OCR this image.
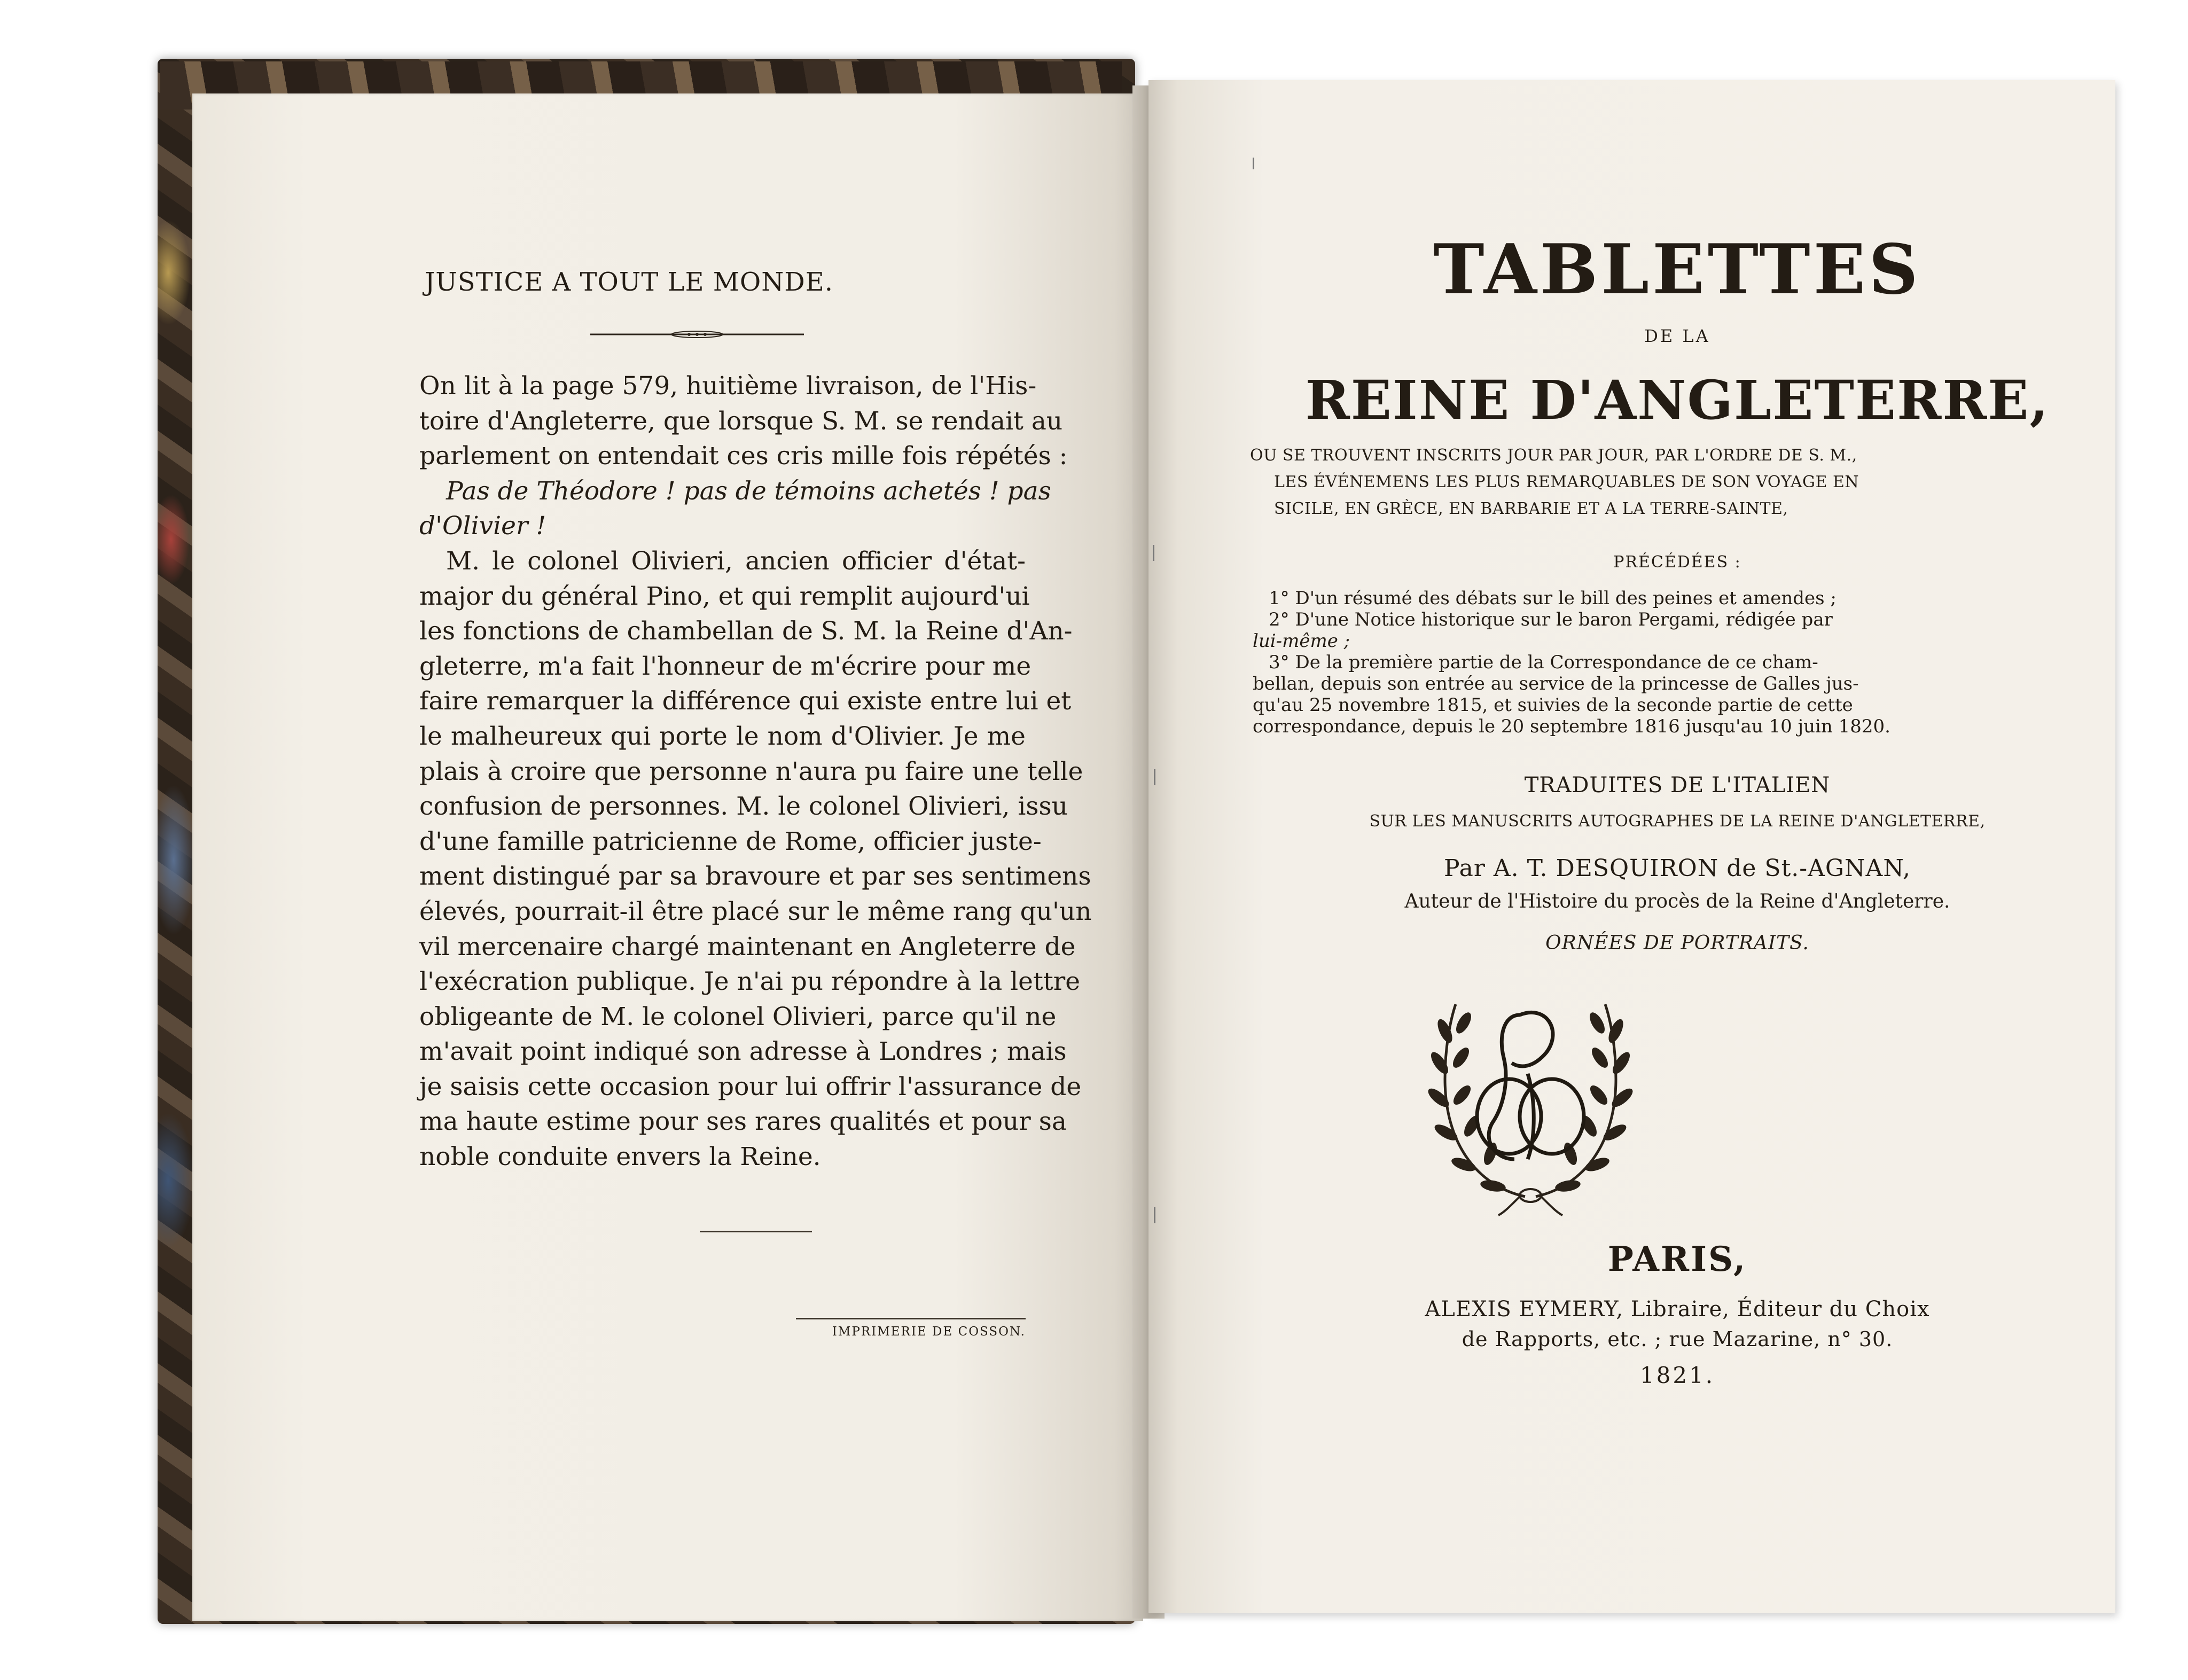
JUSTICE A TOUT LE MONDE.
On lit à la page 579, huitième livraison, de l'His-
toire d'Angleterre, que lorsque S. M. se rendait au
parlement on entendait ces cris mille fois répétés :
Pas de Théodore ! pas de témoins achetés ! pas
d'Olivier !
M. le colonel Olivieri, ancien officier d'état-
major du général Pino, et qui remplit aujourd'ui
les fonctions de chambellan de S. M. la Reine d'An-
gleterre, m'a fait l'honneur de m'écrire pour me
faire remarquer la différence qui existe entre lui et
le malheureux qui porte le nom d'Olivier. Je me
plais à croire que personne n'aura pu faire une telle
confusion de personnes. M. le colonel Olivieri, issu
d'une famille patricienne de Rome, officier juste-
ment distingué par sa bravoure et par ses sentimens
élevés, pourrait-il être placé sur le même rang qu'un
vil mercenaire chargé maintenant en Angleterre de
l'exécration publique. Je n'ai pu répondre à la lettre
obligeante de M. le colonel Olivieri, parce qu'il ne
m'avait point indiqué son adresse à Londres ; mais
je saisis cette occasion pour lui offrir l'assurance de
ma haute estime pour ses rares qualités et pour sa
noble conduite envers la Reine.
IMPRIMERIE DE COSSON.
TABLETTES
DE LA
REINE D'ANGLETERRE,
OU SE TROUVENT INSCRITS JOUR PAR JOUR, PAR L'ORDRE DE S. M.,
LES ÉVÉNEMENS LES PLUS REMARQUABLES DE SON VOYAGE EN
SICILE, EN GRÈCE, EN BARBARIE ET A LA TERRE-SAINTE,
PRÉCÉDÉES :
1° D'un résumé des débats sur le bill des peines et amendes ;
2° D'une Notice historique sur le baron Pergami, rédigée par
lui-même ;
3° De la première partie de la Correspondance de ce cham-
bellan, depuis son entrée au service de la princesse de Galles jus-
qu'au 25 novembre 1815, et suivies de la seconde partie de cette
correspondance, depuis le 20 septembre 1816 jusqu'au 10 juin 1820.
TRADUITES DE L'ITALIEN
SUR LES MANUSCRITS AUTOGRAPHES DE LA REINE D'ANGLETERRE,
Par A. T. DESQUIRON de St.-AGNAN,
Auteur de l'Histoire du procès de la Reine d'Angleterre.
ORNÉES DE PORTRAITS.
PARIS,
ALEXIS EYMERY, Libraire, Éditeur du Choix
de Rapports, etc. ; rue Mazarine, n° 30.
1821.
